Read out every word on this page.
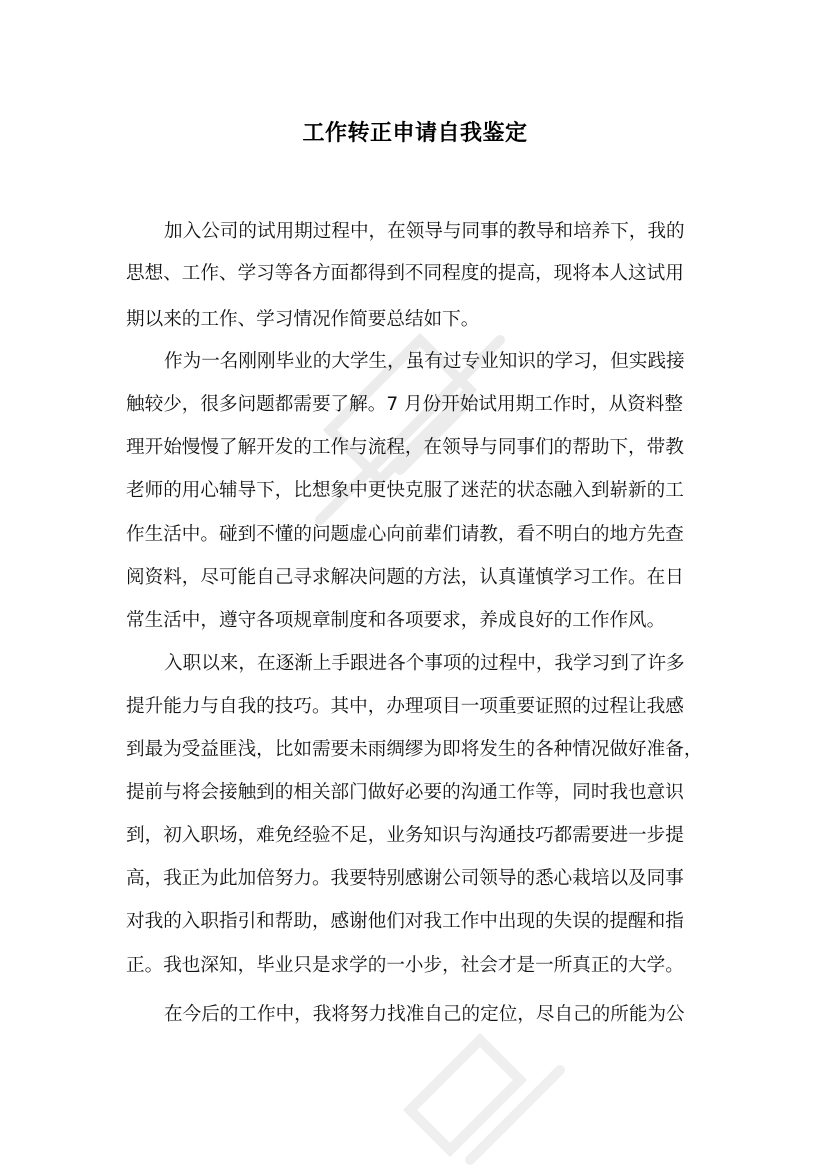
工作转正申请自我鉴定
加入公司的试用期过程中，在领导与同事的教导和培养下，我的
思想、工作、学习等各方面都得到不同程度的提高，现将本人这试用
期以来的工作、学习情况作简要总结如下。
作为一名刚刚毕业的大学生，虽有过专业知识的学习，但实践接
触较少，很多问题都需要了解。7 月份开始试用期工作时，从资料整
理开始慢慢了解开发的工作与流程，在领导与同事们的帮助下，带教
老师的用心辅导下，比想象中更快克服了迷茫的状态融入到崭新的工
作生活中。碰到不懂的问题虚心向前辈们请教，看不明白的地方先查
阅资料，尽可能自己寻求解决问题的方法，认真谨慎学习工作。在日
常生活中，遵守各项规章制度和各项要求，养成良好的工作作风。
入职以来，在逐渐上手跟进各个事项的过程中，我学习到了许多
提升能力与自我的技巧。其中，办理项目一项重要证照的过程让我感
到最为受益匪浅，比如需要未雨绸缪为即将发生的各种情况做好准备，
提前与将会接触到的相关部门做好必要的沟通工作等，同时我也意识
到，初入职场，难免经验不足，业务知识与沟通技巧都需要进一步提
高，我正为此加倍努力。我要特别感谢公司领导的悉心栽培以及同事
对我的入职指引和帮助，感谢他们对我工作中出现的失误的提醒和指
正。我也深知，毕业只是求学的一小步，社会才是一所真正的大学。
在今后的工作中，我将努力找准自己的定位，尽自己的所能为公
